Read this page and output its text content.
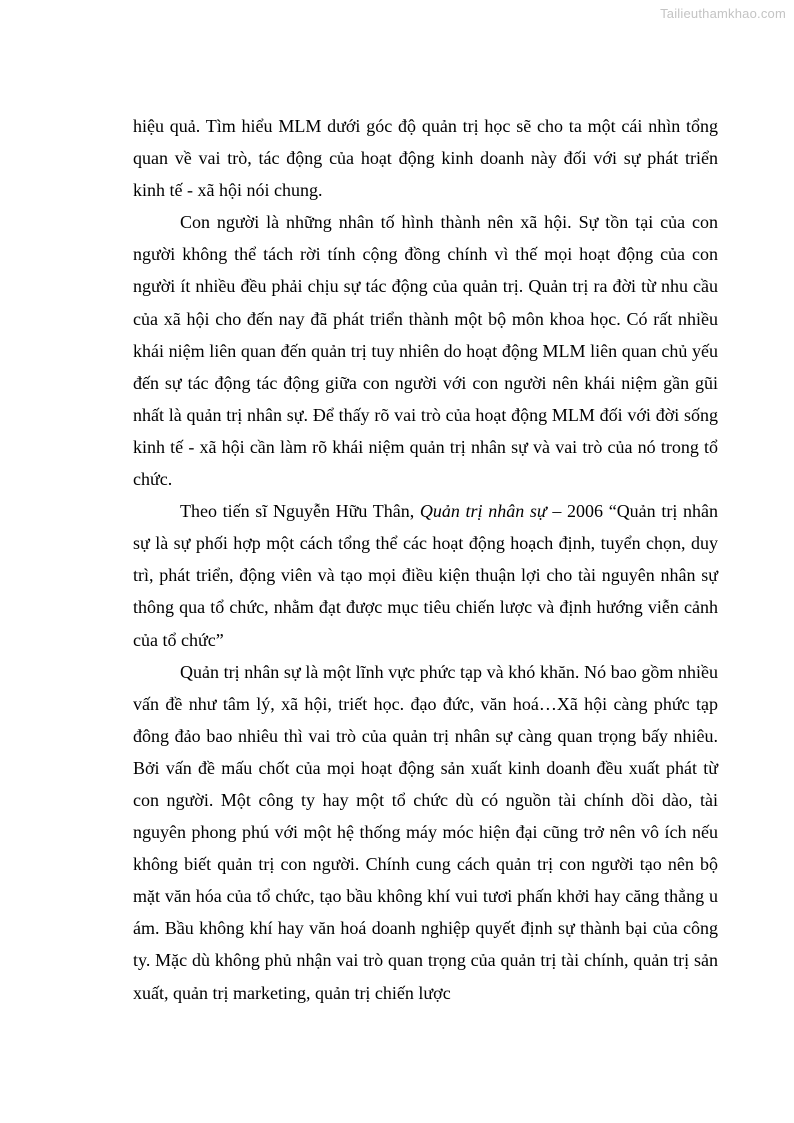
Tailieuthamkhao.com

hiệu quả. Tìm hiểu MLM dưới góc độ quản trị học sẽ cho ta một cái nhìn tổng quan về vai trò, tác động của hoạt động kinh doanh này đối với sự phát triển kinh tế - xã hội nói chung.

Con người là những nhân tố hình thành nên xã hội. Sự tồn tại của con người không thể tách rời tính cộng đồng chính vì thế mọi hoạt động của con người ít nhiều đều phải chịu sự tác động của quản trị. Quản trị ra đời từ nhu cầu của xã hội cho đến nay đã phát triển thành một bộ môn khoa học. Có rất nhiều khái niệm liên quan đến quản trị tuy nhiên do hoạt động MLM liên quan chủ yếu đến sự tác động tác động giữa con người với con người nên khái niệm gần gũi nhất là quản trị nhân sự. Để thấy rõ vai trò của hoạt động MLM đối với đời sống kinh tế - xã hội cần làm rõ khái niệm quản trị nhân sự và vai trò của nó trong tổ chức.

Theo tiến sĩ Nguyễn Hữu Thân, Quản trị nhân sự – 2006 “Quản trị nhân sự là sự phối hợp một cách tổng thể các hoạt động hoạch định, tuyển chọn, duy trì, phát triển, động viên và tạo mọi điều kiện thuận lợi cho tài nguyên nhân sự thông qua tổ chức, nhằm đạt được mục tiêu chiến lược và định hướng viễn cảnh của tổ chức”

Quản trị nhân sự là một lĩnh vực phức tạp và khó khăn. Nó bao gồm nhiều vấn đề như tâm lý, xã hội, triết học. đạo đức, văn hoá…Xã hội càng phức tạp đông đảo bao nhiêu thì vai trò của quản trị nhân sự càng quan trọng bấy nhiêu. Bởi vấn đề mấu chốt của mọi hoạt động sản xuất kinh doanh đều xuất phát từ con người. Một công ty hay một tổ chức dù có nguồn tài chính dồi dào, tài nguyên phong phú với một hệ thống máy móc hiện đại cũng trở nên vô ích nếu không biết quản trị con người. Chính cung cách quản trị con người tạo nên bộ mặt văn hóa của tổ chức, tạo bầu không khí vui tươi phấn khởi hay căng thẳng u ám. Bầu không khí hay văn hoá doanh nghiệp quyết định sự thành bại của công ty. Mặc dù không phủ nhận vai trò quan trọng của quản trị tài chính, quản trị sản xuất, quản trị marketing, quản trị chiến lược
